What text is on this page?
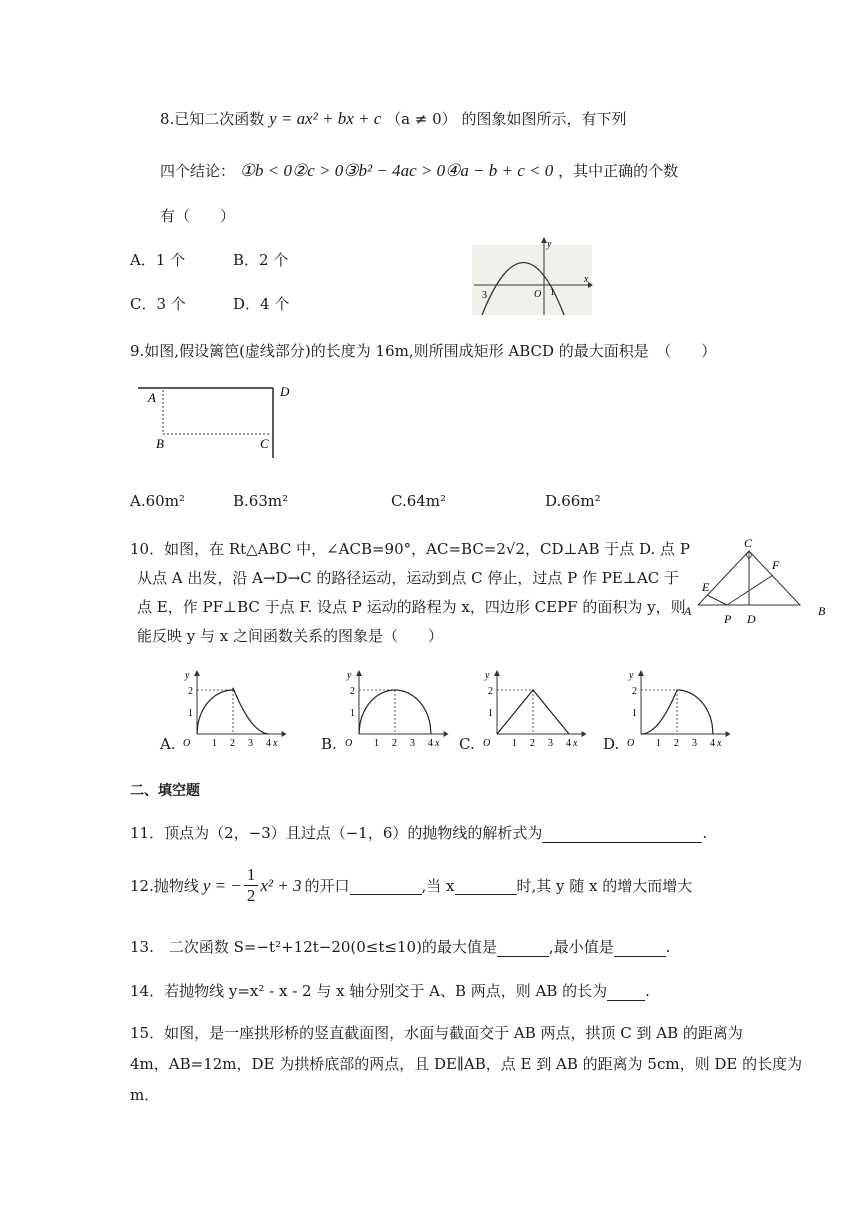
8.已知二次函数 y = ax² + bx + c （a ≠ 0） 的图象如图所示，有下列
四个结论： ①b < 0②c > 0③b² − 4ac > 0④a − b + c < 0 ，其中正确的个数
有（　　）
A．1 个	B．2 个
C．3 个	D．4 个
y
x
3	O 1
9.如图,假设篱笆(虚线部分)的长度为 16m,则所围成矩形 ABCD 的最大面积是　（　　）
A	D
B	C
A.60m²	B.63m²	C.64m²	D.66m²
10．如图，在 Rt△ABC 中，∠ACB=90°，AC=BC=2√2，CD⊥AB 于点 D. 点 P
从点 A 出发，沿 A→D→C 的路径运动，运动到点 C 停止，过点 P 作 PE⊥AC 于
点 E，作 PF⊥BC 于点 F. 设点 P 运动的路程为 x，四边形 CEPF 的面积为 y，则
能反映 y 与 x 之间函数关系的图象是（　　）
C
A	B
E
F
P D
A.	B.	C.	D.
y
O
1
2
1 2 3 4 x
y
O
1
2
1 2 3 4 x
y
O
1
2
1 2 3 4 x
y
O
1
2
1 2 3 4 x
二、填空题
11．顶点为（2，−3）且过点（−1，6）的抛物线的解析式为	.
12.抛物线 y = − $\frac{1}{2} x^2 + 3$ 的开口
	,当 x
	时,其 y 随 x 的增大而增大
13.　二次函数 S=−t²+12t−20(0≤t≤10)的最大值是	,最小值是	.
14．若抛物线 y=x² - x - 2 与 x 轴分别交于 A、B 两点，则 AB 的长为	.
15．如图，是一座拱形桥的竖直截面图，水面与截面交于 AB 两点，拱顶 C 到 AB 的距离为
4m，AB=12m，DE 为拱桥底部的两点，且 DE∥AB，点 E 到 AB 的距离为 5cm，则 DE 的长度为
m．
